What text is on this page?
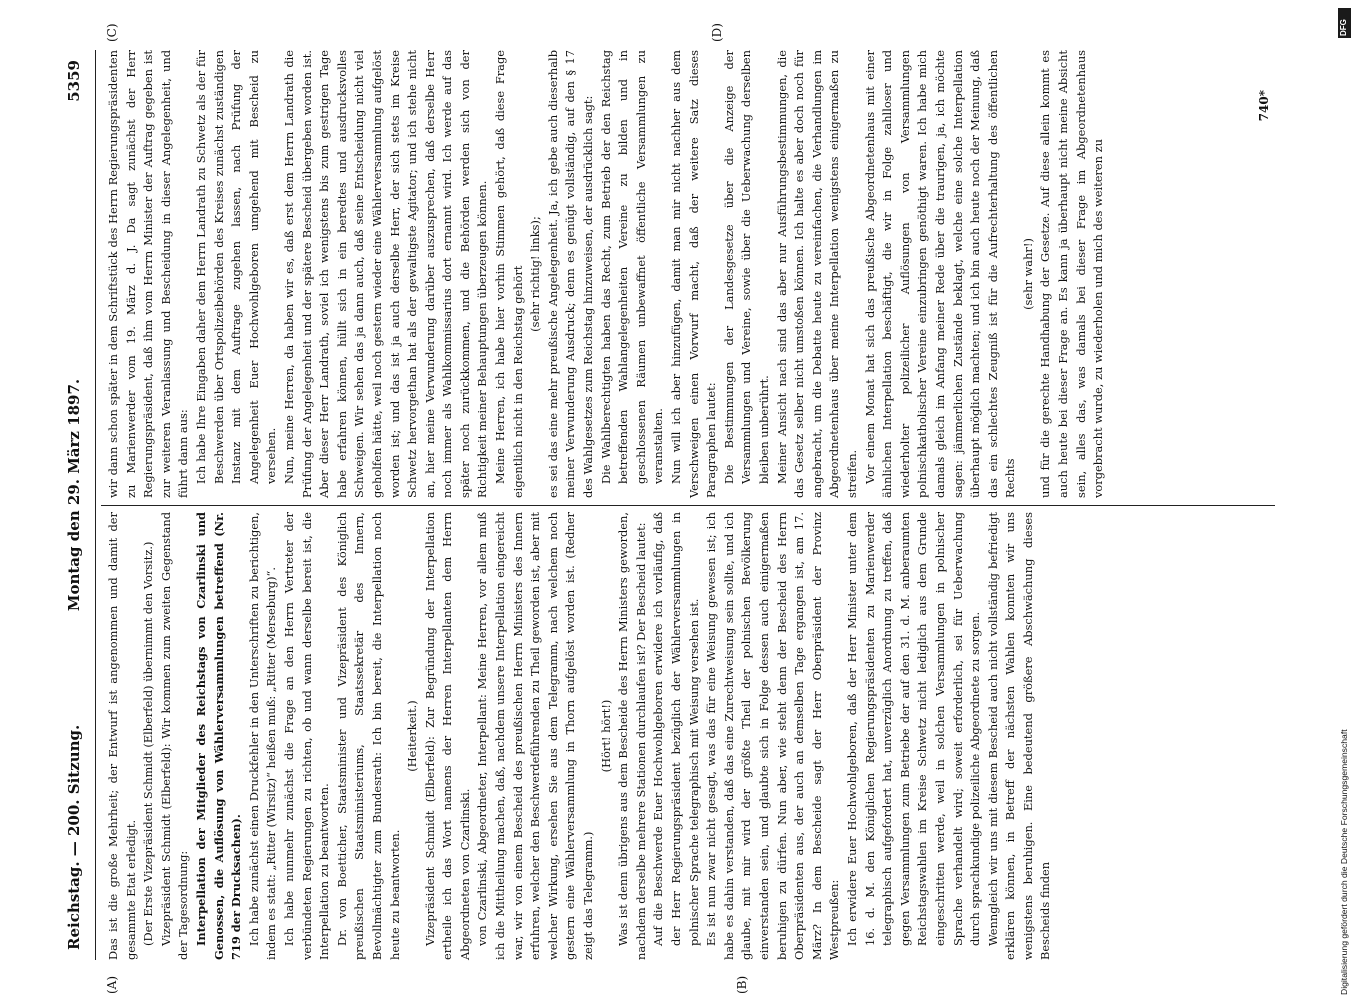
Reichstag. — 200. Sitzung.
Montag den 29. März 1897.
5359

Das ist die große Mehrheit; der Entwurf ist angenommen und damit der gesammte Etat erledigt. (Der Erste Vizepräsident Schmidt (Elberfeld) übernimmt den Vorsitz.) Vizepräsident Schmidt (Elberfeld): Wir kommen zum zweiten Gegenstand der Tagesordnung: Interpellation der Mitglieder des Reichstags von Czarlinski und Genossen, die Auflösung von Wählerversammlungen betreffend (Nr. 719 der Drucksachen). Ich habe zunächst einen Druckfehler in den Unterschriften zu berichtigen, indem es statt: „Ritter (Wirsitz)“ heißen muß: „Ritter (Merseburg)“. Ich habe nunmehr zunächst die Frage an den Herrn Vertreter der verbündeten Regierungen zu richten, ob und wann derselbe bereit ist, die Interpellation zu beantworten. Dr. von Boetticher, Staatsminister und Vizepräsident des Königlich preußischen Staatsministeriums, Staatssekretär des Innern, Bevollmächtigter zum Bundesrath: Ich bin bereit, die Interpellation noch heute zu beantworten.

(Heiterkeit.) Vizepräsident Schmidt (Elberfeld): Zur Begründung der Interpellation ertheile ich das Wort namens der Herren Interpellanten dem Herrn Abgeordneten von Czarlinski. von Czarlinski, Abgeordneter, Interpellant: Meine Herren, vor allem muß ich die Mittheilung machen, daß, nachdem unsere Interpellation eingereicht war, wir von einem Bescheid des preußischen Herrn Ministers des Innern erfuhren, welcher den Beschwerdeführenden zu Theil geworden ist, aber mit welcher Wirkung, ersehen Sie aus dem Telegramm, nach welchem noch gestern eine Wählerversammlung in Thorn aufgelöst worden ist. (Redner zeigt das Telegramm.)

(Hört! hört!) Was ist denn übrigens aus dem Bescheide des Herrn Ministers geworden, nachdem derselbe mehrere Stationen durchlaufen ist? Der Bescheid lautet: Auf die Beschwerde Euer Hochwohlgeboren erwidere ich vorläufig, daß der Herr Regierungspräsident bezüglich der Wählerversammlungen in polnischer Sprache telegraphisch mit Weisung versehen ist. Es ist nun zwar nicht gesagt, was das für eine Weisung gewesen ist; ich habe es dahin verstanden, daß das eine Zurechtweisung sein sollte, und ich glaube, mit mir wird der größte Theil der polnischen Bevölkerung einverstanden sein, und glaubte sich in Folge dessen auch einigermaßen beruhigen zu dürfen. Nun aber, wie steht denn der Bescheid des Herrn Oberpräsidenten aus, der auch an demselben Tage ergangen ist, am 17. März? In dem Bescheide sagt der Herr Oberpräsident der Provinz Westpreußen: Ich erwidere Euer Hochwohlgeboren, daß der Herr Minister unter dem 16. d. M. den Königlichen Regierungspräsidenten zu Marienwerder telegraphisch aufgefordert hat, unverzüglich Anordnung zu treffen, daß gegen Versammlungen zum Betriebe der auf den 31. d. M. anberaumten Reichstagswahlen im Kreise Schwetz nicht lediglich aus dem Grunde eingeschritten werde, weil in solchen Versammlungen in polnischer Sprache verhandelt wird; soweit erforderlich, sei für Ueberwachung durch sprachkundige polizeiliche Abgeordnete zu sorgen. Wenngleich wir uns mit diesem Bescheid auch nicht vollständig befriedigt erklären können, in Betreff der nächsten Wahlen konnten wir uns wenigstens beruhigen. Eine bedeutend größere Abschwächung dieses Bescheids finden

wir dann schon später in dem Schriftstück des Herrn Regierungspräsidenten zu Marienwerder vom 19. März d. J. Da sagt zunächst der Herr Regierungspräsident, daß ihm vom Herrn Minister der Auftrag gegeben ist zur weiteren Veranlassung und Bescheidung in dieser Angelegenheit, und führt dann aus: Ich habe Ihre Eingaben daher dem Herrn Landrath zu Schwetz als der für Beschwerden über Ortspolizeibehörden des Kreises zunächst zuständigen Instanz mit dem Auftrage zugehen lassen, nach Prüfung der Angelegenheit Euer Hochwohlgeboren umgehend mit Bescheid zu versehen. Nun, meine Herren, da haben wir es, daß erst dem Herrn Landrath die Prüfung der Angelegenheit und der spätere Bescheid übergeben worden ist. Aber dieser Herr Landrath, soviel ich wenigstens bis zum gestrigen Tage habe erfahren können, hüllt sich in ein beredtes und ausdrucksvolles Schweigen. Wir sehen das ja dann auch, daß seine Entscheidung nicht viel geholfen hätte, weil noch gestern wieder eine Wählerversammlung aufgelöst worden ist; und das ist ja auch derselbe Herr, der sich stets im Kreise Schwetz hervorgethan hat als der gewaltigste Agitator; und ich stehe nicht an, hier meine Verwunderung darüber auszusprechen, daß derselbe Herr noch immer als Wahlkommissarius dort ernannt wird. Ich werde auf das später noch zurückkommen, und die Behörden werden sich von der Richtigkeit meiner Behauptungen überzeugen können. Meine Herren, ich habe hier vorhin Stimmen gehört, daß diese Frage eigentlich nicht in den Reichstag gehört (sehr richtig! links); es sei das eine mehr preußische Angelegenheit. Ja, ich gebe auch dieserhalb meiner Verwunderung Ausdruck; denn es genügt vollständig, auf den § 17 des Wahlgesetzes zum Reichstag hinzuweisen, der ausdrücklich sagt: Die Wahlberechtigten haben das Recht, zum Betrieb der den Reichstag betreffenden Wahlangelegenheiten Vereine zu bilden und in geschlossenen Räumen unbewaffnet öffentliche Versammlungen zu veranstalten. Nun will ich aber hinzufügen, damit man mir nicht nachher aus dem Verschweigen einen Vorwurf macht, daß der weitere Satz dieses Paragraphen lautet: Die Bestimmungen der Landesgesetze über die Anzeige der Versammlungen und Vereine, sowie über die Ueberwachung derselben bleiben unberührt. Meiner Ansicht nach sind das aber nur Ausführungsbestimmungen, die das Gesetz selber nicht umstoßen können. Ich halte es aber doch noch für angebracht, um die Debatte heute zu vereinfachen, die Verhandlungen im Abgeordnetenhaus über meine Interpellation wenigstens einigermaßen zu streifen. Vor einem Monat hat sich das preußische Abgeordnetenhaus mit einer ähnlichen Interpellation beschäftigt, die wir in Folge zahlloser und wiederholter polizeilicher Auflösungen von Versammlungen polnischkatholischer Vereine einzubringen genöthigt waren. Ich habe mich damals gleich im Anfang meiner Rede über die traurigen, ja, ich möchte sagen: jämmerlichen Zustände beklagt, welche eine solche Interpellation überhaupt möglich machten; und ich bin auch heute noch der Meinung, daß das ein schlechtes Zeugniß ist für die Aufrechterhaltung des öffentlichen Rechts

(sehr wahr!) und für die gerechte Handhabung der Gesetze. Auf diese allein kommt es auch heute bei dieser Frage an. Es kann ja überhaupt nicht meine Absicht sein, alles das, was damals bei dieser Frage im Abgeordnetenhaus vorgebracht wurde, zu wiederholen und mich des weiteren zu

(A)	(B)
(C)	(D)
740*
DFG
Digitalisierung gefördert durch die Deutsche Forschungsgemeinschaft
